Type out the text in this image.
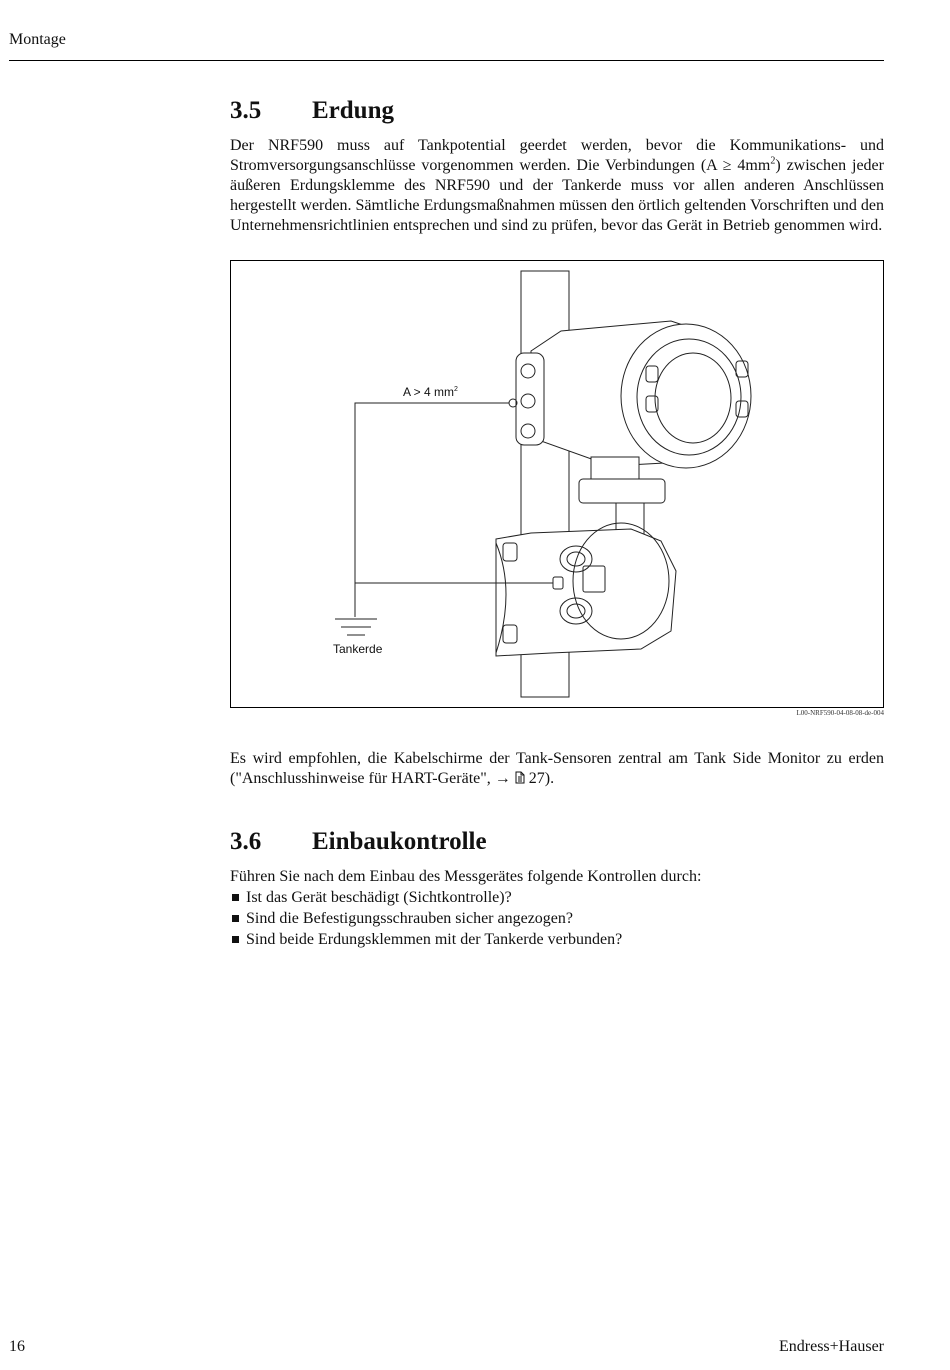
Montage
3.5	Erdung

Der NRF590 muss auf Tankpotential geerdet werden, bevor die Kommunikations- und Stromversorgungsanschlüsse vorgenommen werden. Die Verbindungen $(A \ge 4mm^2)$ zwischen jeder äußeren Erdungsklemme des NRF590 und der Tankerde muss vor allen anderen Anschlüssen hergestellt werden. Sämtliche Erdungsmaßnahmen müssen den örtlich geltenden Vorschriften und den Unternehmensrichtlinien entsprechen und sind zu prüfen, bevor das Gerät in Betrieb genommen wird.

A > 4 $mm^2$
Tankerde
L00-NRF590-04-08-08-de-004

Es wird empfohlen, die Kabelschirme der Tank-Sensoren zentral am Tank Side Monitor zu erden ("Anschlusshinweise für HART-Geräte", → 27).

3.6	Einbaukontrolle

Führen Sie nach dem Einbau des Messgerätes folgende Kontrollen durch:

Ist das Gerät beschädigt (Sichtkontrolle)?
Sind die Befestigungsschrauben sicher angezogen?
Sind beide Erdungsklemmen mit der Tankerde verbunden?
16	Endress+Hauser
